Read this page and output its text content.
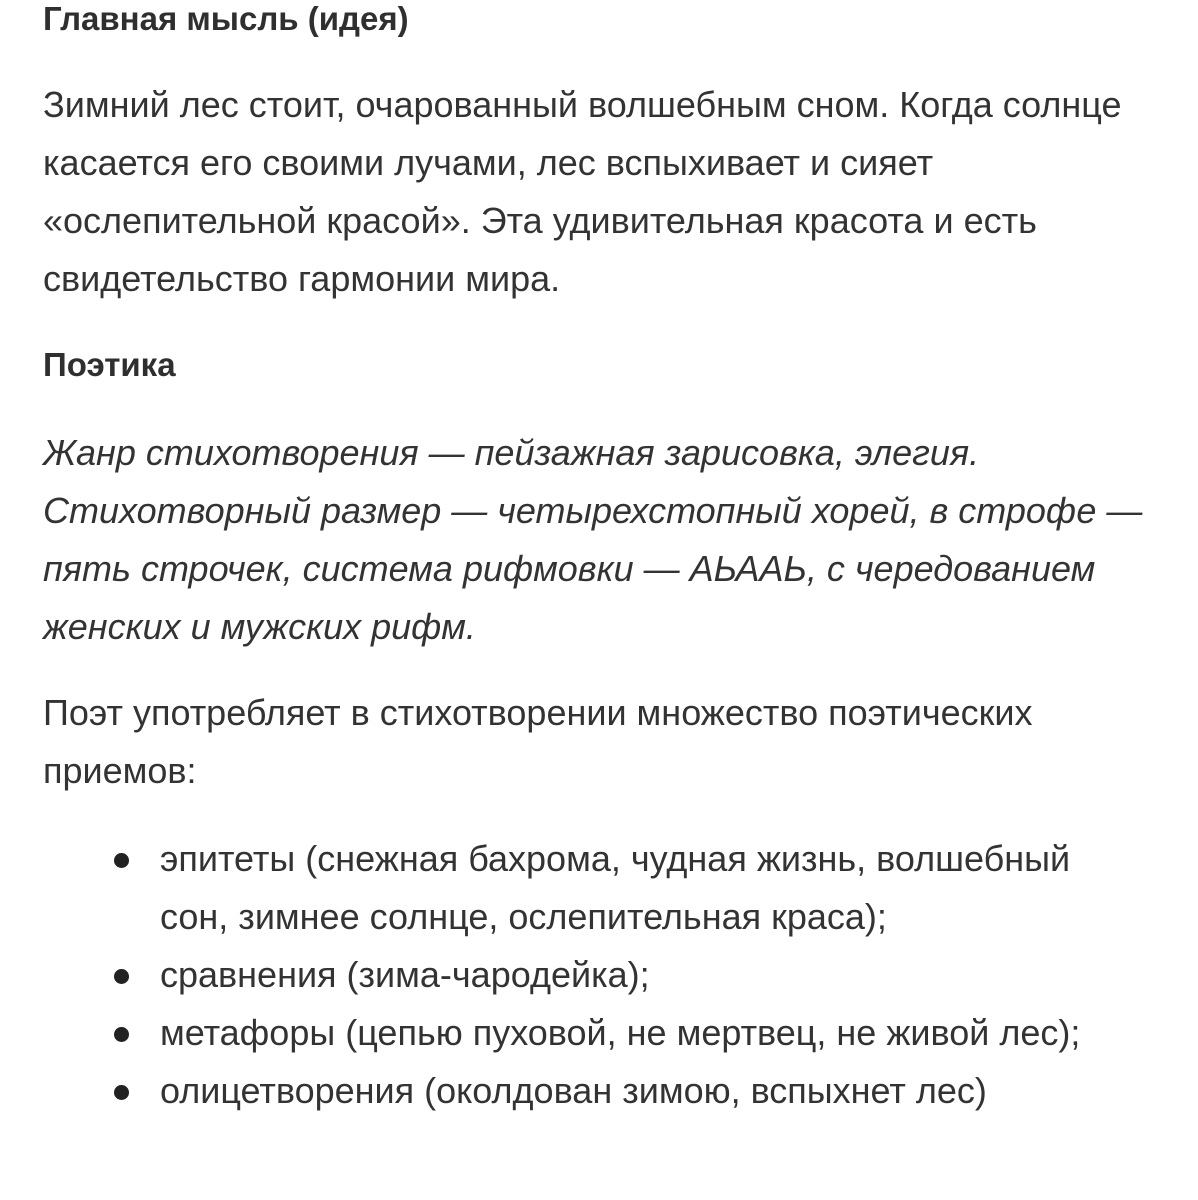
Главная мысль (идея)

Зимний лес стоит, очарованный волшебным сном. Когда солнце касается его своими лучами, лес вспыхивает и сияет «ослепительной красой». Эта удивительная красота и есть свидетельство гармонии мира.

Поэтика

Жанр стихотворения — пейзажная зарисовка, элегия. Стихотворный размер — четырехстопный хорей, в строфе — пять строчек, система рифмовки — АЬААЬ, с чередованием женских и мужских рифм.

Поэт употребляет в стихотворении множество поэтических приемов:

эпитеты (снежная бахрома, чудная жизнь, волшебный сон, зимнее солнце, ослепительная краса);
сравнения (зима-чародейка);
метафоры (цепью пуховой, не мертвец, не живой лес);
олицетворения (околдован зимою, вспыхнет лес)
